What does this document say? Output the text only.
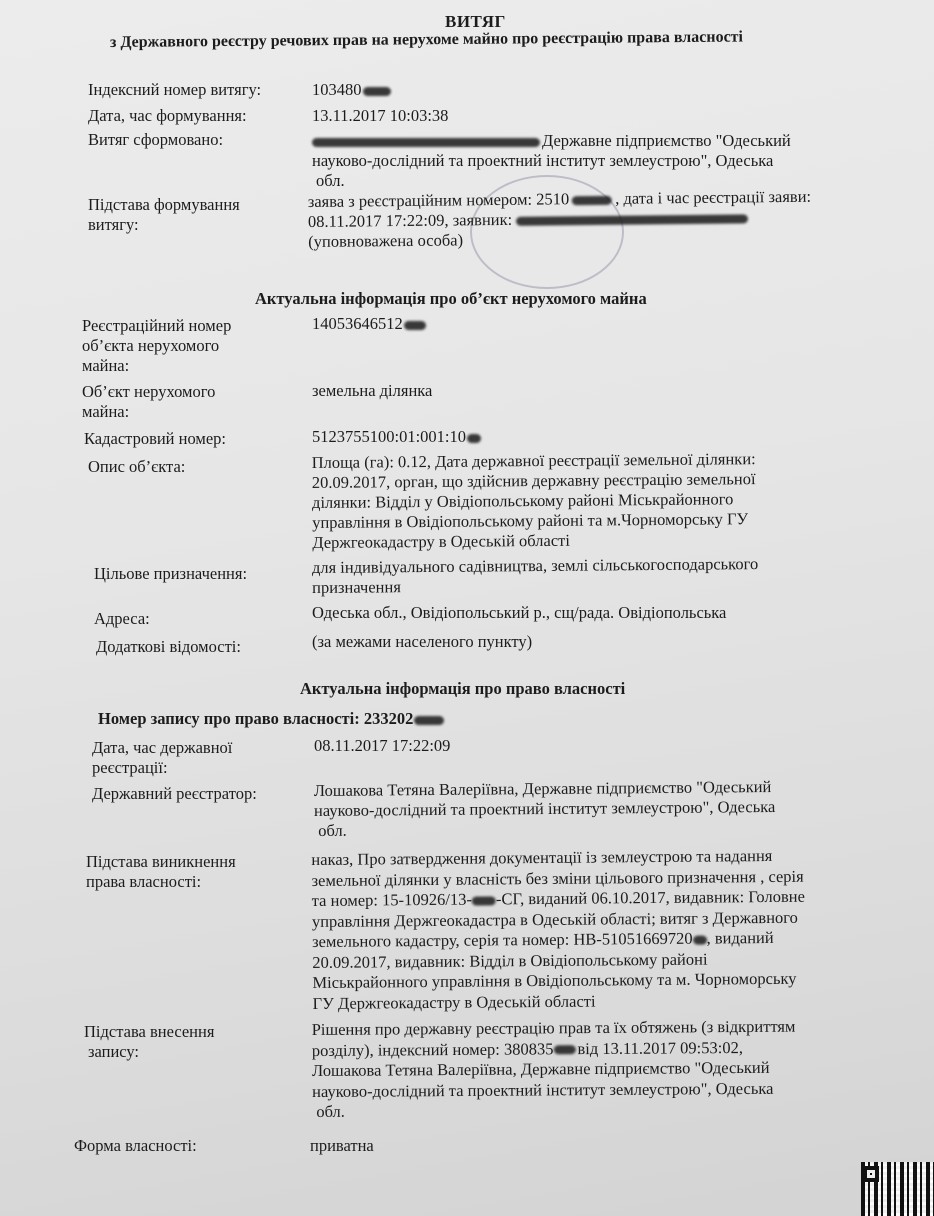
ВИТЯГ
з Державного реєстру речових прав на нерухоме майно про реєстрацію права власності
Індексний номер витягу:	103480
Дата, час формування:	13.11.2017 10:03:38
Витяг сформовано:	Державне підприємство "Одеський
науково-дослідний та проектний інститут землеустрою", Одеська
обл.
Підстава формування
витягу:
заява з реєстраційним номером: 2510	, дата і час реєстрації заяви:
08.11.2017 17:22:09, заявник:
(уповноважена особа)
Актуальна інформація про об’єкт нерухомого майна
Реєстраційний номер
об’єкта нерухомого
майна:
14053646512
Об’єкт нерухомого
майна:
земельна ділянка
Кадастровий номер:	5123755100:01:001:10
Опис об’єкта:	Площа (га): 0.12, Дата державної реєстрації земельної ділянки:
20.09.2017, орган, що здійснив державну реєстрацію земельної
ділянки: Відділ у Овідіопольському районі Міськрайонного
управління в Овідіопольському районі та м.Чорноморську ГУ
Держгеокадастру в Одеській області
Цільове призначення:	для індивідуального садівництва, землі сільськогосподарського
призначення
Адреса:	Одеська обл., Овідіопольський р., сщ/рада. Овідіопольська
Додаткові відомості:	(за межами населеного пункту)
Актуальна інформація про право власності
Номер запису про право власності: 233202
Дата, час державної
реєстрації:
08.11.2017 17:22:09
Державний реєстратор:	Лошакова Тетяна Валеріївна, Державне підприємство "Одеський
науково-дослідний та проектний інститут землеустрою", Одеська
обл.
Підстава виникнення
права власності:
наказ, Про затвердження документації із землеустрою та надання
земельної ділянки у власність без зміни цільового призначення , серія
та номер: 15-10926/13- -СГ, виданий 06.10.2017, видавник: Головне
управління Держгеокадастра в Одеській області; витяг з Державного
земельного кадастру, серія та номер: НВ-51051669720 , виданий
20.09.2017, видавник: Відділ в Овідіопольському районі
Міськрайонного управління в Овідіопольському та м. Чорноморську
ГУ Держгеокадастру в Одеській області
Підстава внесення
запису:
Рішення про державну реєстрацію прав та їх обтяжень (з відкриттям
розділу), індексний номер: 380835 від 13.11.2017 09:53:02,
Лошакова Тетяна Валеріївна, Державне підприємство "Одеський
науково-дослідний та проектний інститут землеустрою", Одеська
обл.
Форма власності:	приватна
